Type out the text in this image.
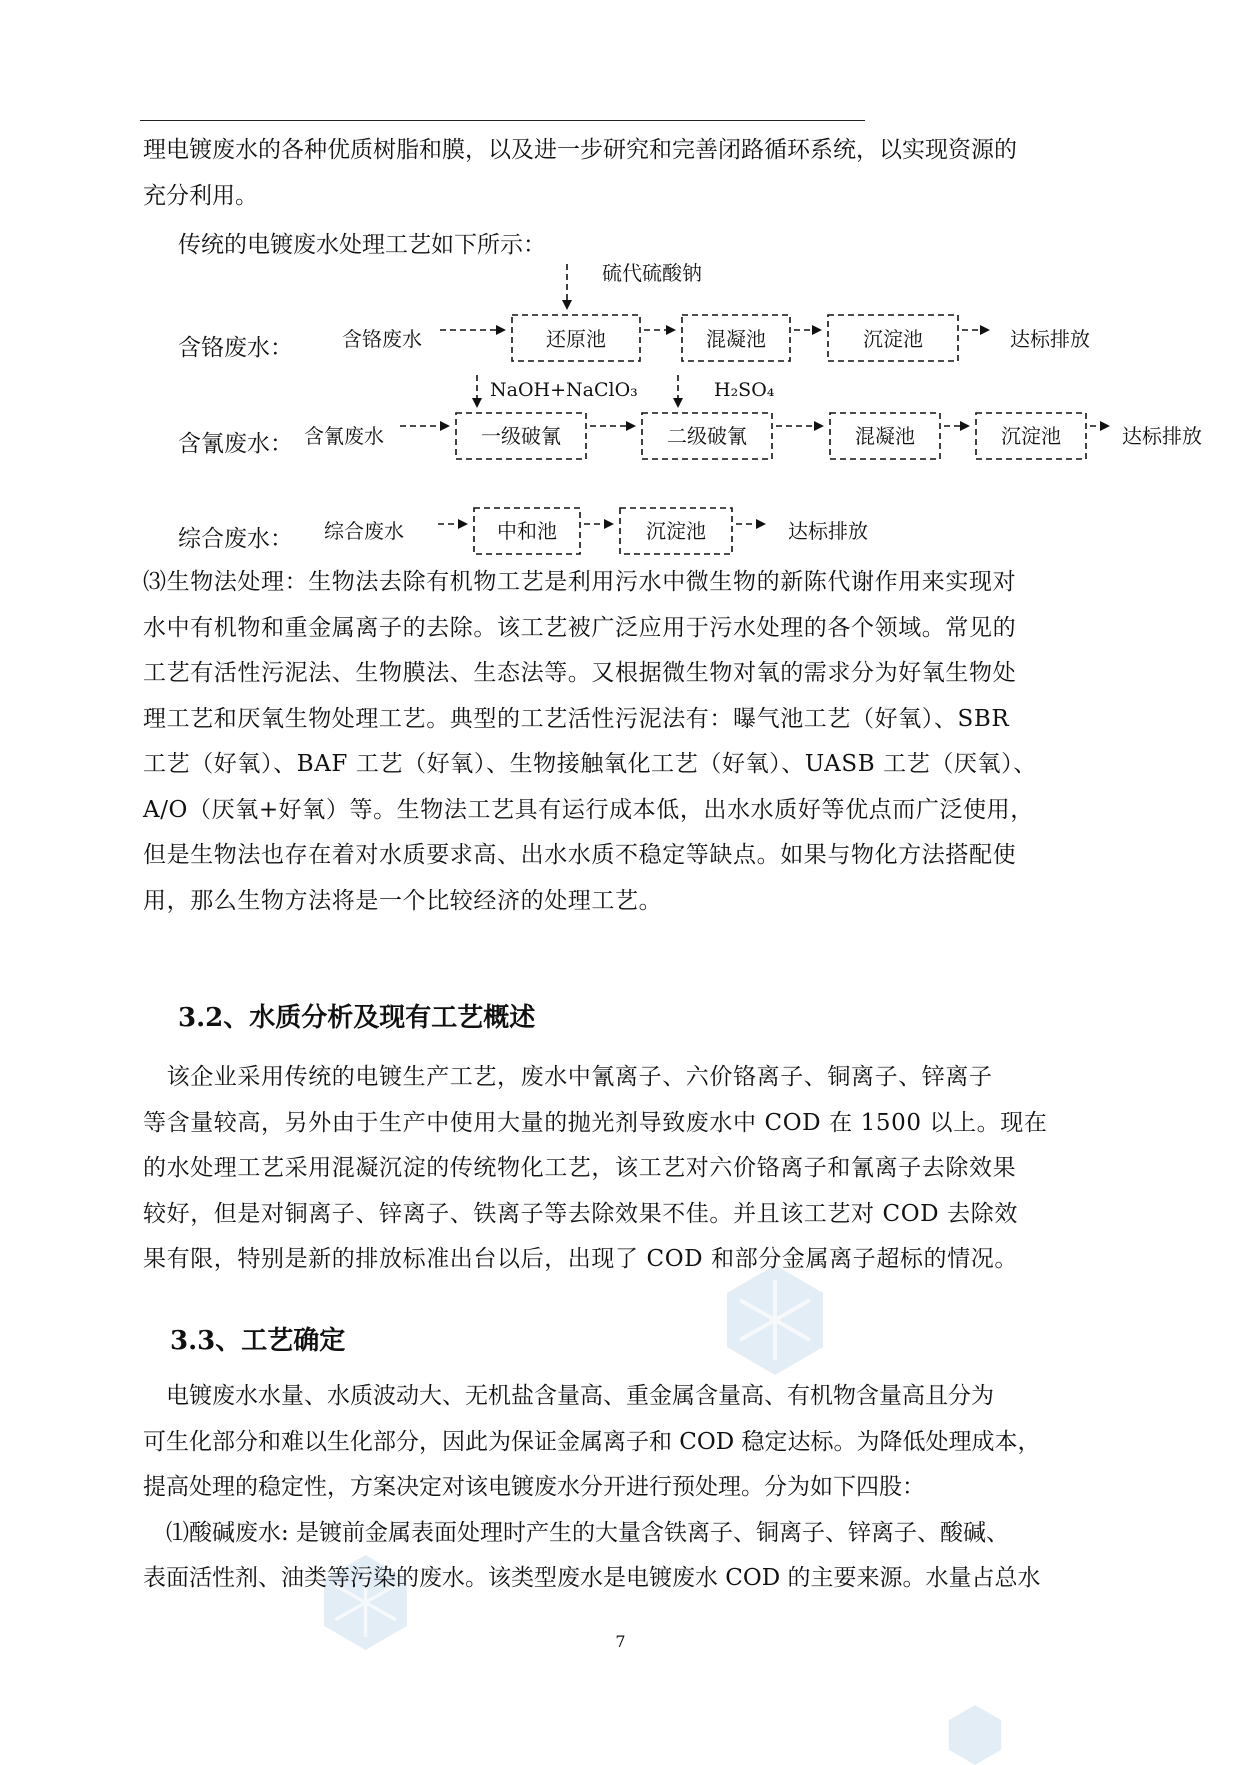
理电镀废水的各种优质树脂和膜，以及进一步研究和完善闭路循环系统，以实现资源的
充分利用。
传统的电镀废水处理工艺如下所示：
含铬废水： 含铬废水
硫代硫酸钠
还原池	混凝池	沉淀池	达标排放
含氰废水： 含氰废水
NaOH+NaClO₃	H₂SO₄
一级破氰	二级破氰	混凝池	沉淀池	达标排放
综合废水： 综合废水	中和池	沉淀池	达标排放
⑶生物法处理：生物法去除有机物工艺是利用污水中微生物的新陈代谢作用来实现对
水中有机物和重金属离子的去除。该工艺被广泛应用于污水处理的各个领域。常见的
工艺有活性污泥法、生物膜法、生态法等。又根据微生物对氧的需求分为好氧生物处
理工艺和厌氧生物处理工艺。典型的工艺活性污泥法有：曝气池工艺（好氧）、SBR
工艺（好氧）、BAF 工艺（好氧）、生物接触氧化工艺（好氧）、UASB 工艺（厌氧）、
A/O（厌氧+好氧）等。生物法工艺具有运行成本低，出水水质好等优点而广泛使用，
但是生物法也存在着对水质要求高、出水水质不稳定等缺点。如果与物化方法搭配使
用，那么生物方法将是一个比较经济的处理工艺。
3.2、水质分析及现有工艺概述
　该企业采用传统的电镀生产工艺，废水中氰离子、六价铬离子、铜离子、锌离子
等含量较高，另外由于生产中使用大量的抛光剂导致废水中 COD 在 1500 以上。现在
的水处理工艺采用混凝沉淀的传统物化工艺，该工艺对六价铬离子和氰离子去除效果
较好，但是对铜离子、锌离子、铁离子等去除效果不佳。并且该工艺对 COD 去除效
果有限，特别是新的排放标准出台以后，出现了 COD 和部分金属离子超标的情况。
3.3、工艺确定
　电镀废水水量、水质波动大、无机盐含量高、重金属含量高、有机物含量高且分为
可生化部分和难以生化部分，因此为保证金属离子和 COD 稳定达标。为降低处理成本，
提高处理的稳定性，方案决定对该电镀废水分开进行预处理。分为如下四股：
　⑴酸碱废水: 是镀前金属表面处理时产生的大量含铁离子、铜离子、锌离子、酸碱、
表面活性剂、油类等污染的废水。该类型废水是电镀废水 COD 的主要来源。水量占总水
7
